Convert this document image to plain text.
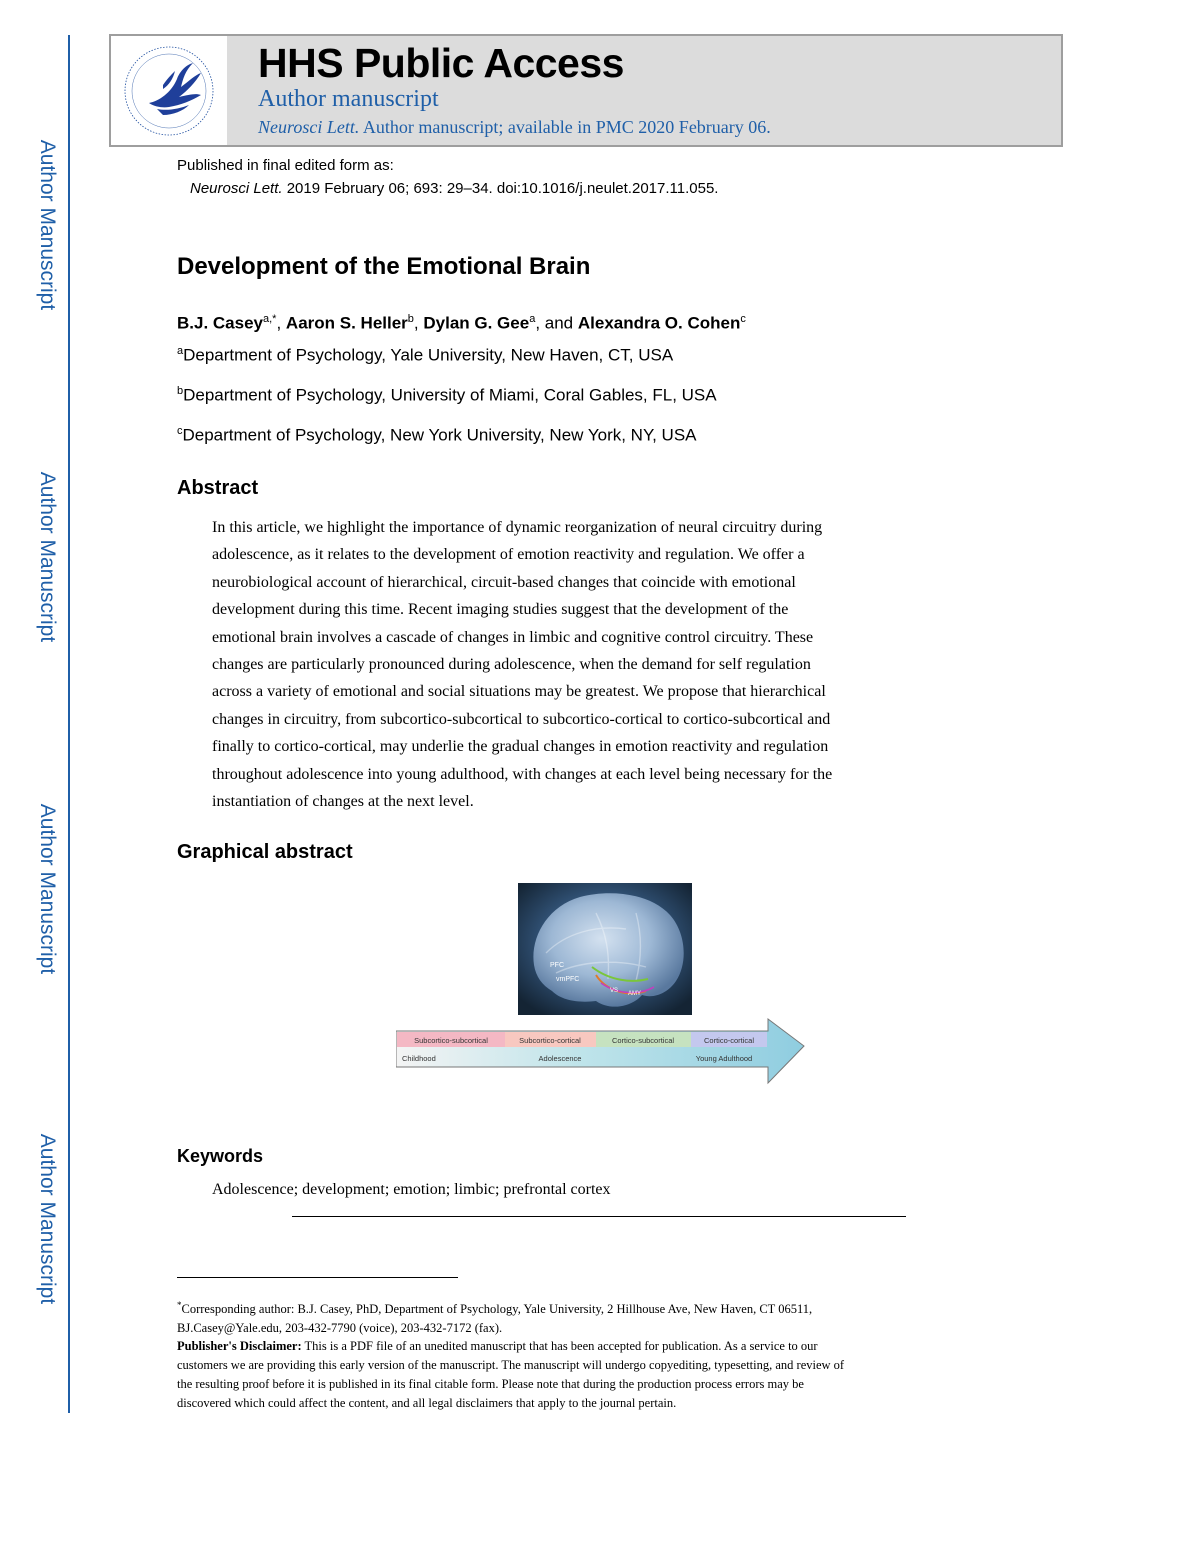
Author Manuscript
Author Manuscript
Author Manuscript
Author Manuscript
HHS Public Access
Author manuscript
Neurosci Lett. Author manuscript; available in PMC 2020 February 06.
Published in final edited form as:
Neurosci Lett. 2019 February 06; 693: 29–34. doi:10.1016/j.neulet.2017.11.055.
Development of the Emotional Brain
B.J. Casey$^{a,*}$, Aaron S. Heller$^b$, Dylan G. Gee$^a$, and Alexandra O. Cohen$^c$
$^a$Department of Psychology, Yale University, New Haven, CT, USA
$^b$Department of Psychology, University of Miami, Coral Gables, FL, USA
$^c$Department of Psychology, New York University, New York, NY, USA
Abstract
In this article, we highlight the importance of dynamic reorganization of neural circuitry during
adolescence, as it relates to the development of emotion reactivity and regulation. We offer a
neurobiological account of hierarchical, circuit-based changes that coincide with emotional
development during this time. Recent imaging studies suggest that the development of the
emotional brain involves a cascade of changes in limbic and cognitive control circuitry. These
changes are particularly pronounced during adolescence, when the demand for self regulation
across a variety of emotional and social situations may be greatest. We propose that hierarchical
changes in circuitry, from subcortico-subcortical to subcortico-cortical to cortico-subcortical and
finally to cortico-cortical, may underlie the gradual changes in emotion reactivity and regulation
throughout adolescence into young adulthood, with changes at each level being necessary for the
instantiation of changes at the next level.
Graphical abstract
PFC
vmPFC
VS AMY
Subcortico-subcortical	Subcortico-cortical	Cortico-subcortical	Cortico-cortical
Childhood	Adolescence	Young Adulthood
Keywords
Adolescence; development; emotion; limbic; prefrontal cortex
*Corresponding author: B.J. Casey, PhD, Department of Psychology, Yale University, 2 Hillhouse Ave, New Haven, CT 06511,
BJ.Casey@Yale.edu, 203-432-7790 (voice), 203-432-7172 (fax).
Publisher's Disclaimer: This is a PDF file of an unedited manuscript that has been accepted for publication. As a service to our
customers we are providing this early version of the manuscript. The manuscript will undergo copyediting, typesetting, and review of
the resulting proof before it is published in its final citable form. Please note that during the production process errors may be
discovered which could affect the content, and all legal disclaimers that apply to the journal pertain.
